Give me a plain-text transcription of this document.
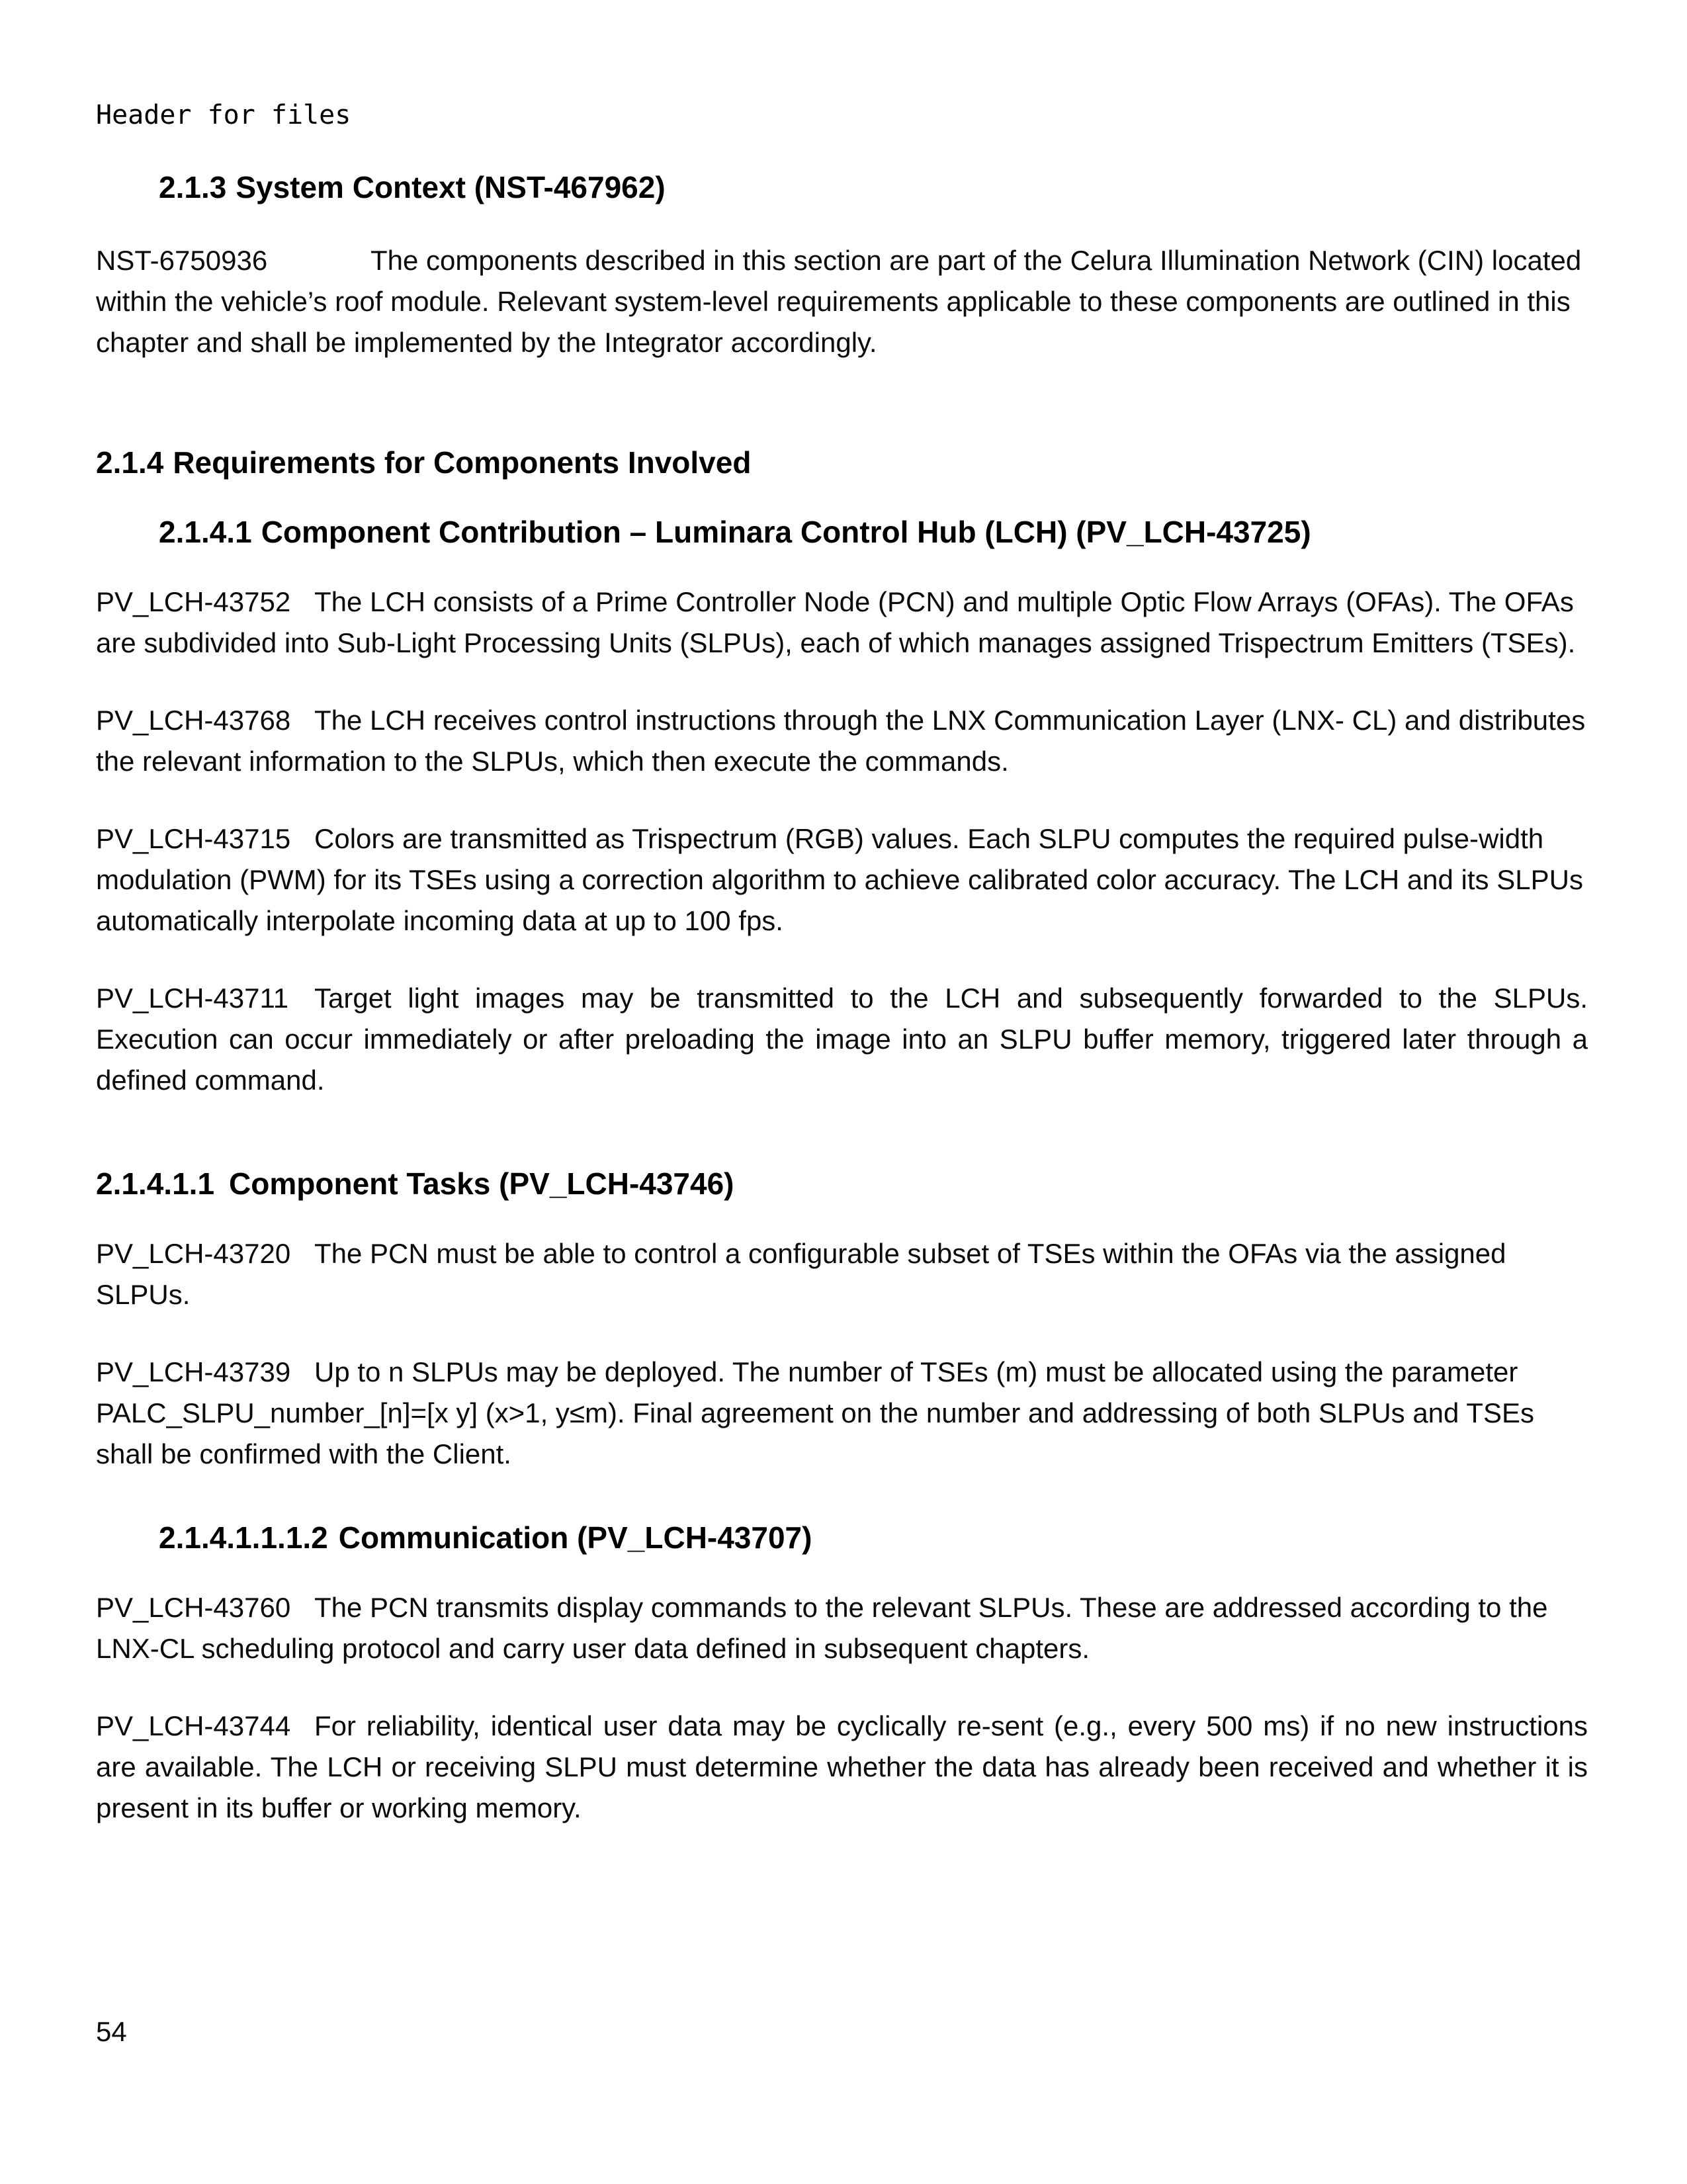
Header for files
2.1.3 System Context (NST-467962)

NST-6750936	The components described in this section are part of the Celura Illumination Network (CIN) located within the vehicle’s roof module. Relevant system-level requirements applicable to these components are outlined in this chapter and shall be implemented by the Integrator accordingly.

2.1.4 Requirements for Components Involved
2.1.4.1 Component Contribution – Luminara Control Hub (LCH) (PV_LCH-43725)

PV_LCH-43752 The LCH consists of a Prime Controller Node (PCN) and multiple Optic Flow Arrays (OFAs). The OFAs are subdivided into Sub-Light Processing Units (SLPUs), each of which manages assigned Trispectrum Emitters (TSEs).

PV_LCH-43768 The LCH receives control instructions through the LNX Communication Layer (LNX- CL) and distributes the relevant information to the SLPUs, which then execute the commands.

PV_LCH-43715 Colors are transmitted as Trispectrum (RGB) values. Each SLPU computes the required pulse-width modulation (PWM) for its TSEs using a correction algorithm to achieve calibrated color accuracy. The LCH and its SLPUs automatically interpolate incoming data at up to 100 fps.

PV_LCH-43711 Target light images may be transmitted to the LCH and subsequently forwarded to the SLPUs. Execution can occur immediately or after preloading the image into an SLPU buffer memory, triggered later through a defined command.

2.1.4.1.1 Component Tasks (PV_LCH-43746)

PV_LCH-43720 The PCN must be able to control a configurable subset of TSEs within the OFAs via the assigned SLPUs.

PV_LCH-43739 Up to n SLPUs may be deployed. The number of TSEs (m) must be allocated using the parameter PALC_SLPU_number_[n]=[x y] (x>1, y≤m). Final agreement on the number and addressing of both SLPUs and TSEs shall be confirmed with the Client.

2.1.4.1.1.1.2 Communication (PV_LCH-43707)

PV_LCH-43760 The PCN transmits display commands to the relevant SLPUs. These are addressed according to the LNX-CL scheduling protocol and carry user data defined in subsequent chapters.

PV_LCH-43744 For reliability, identical user data may be cyclically re-sent (e.g., every 500 ms) if no new instructions are available. The LCH or receiving SLPU must determine whether the data has already been received and whether it is present in its buffer or working memory.

54
